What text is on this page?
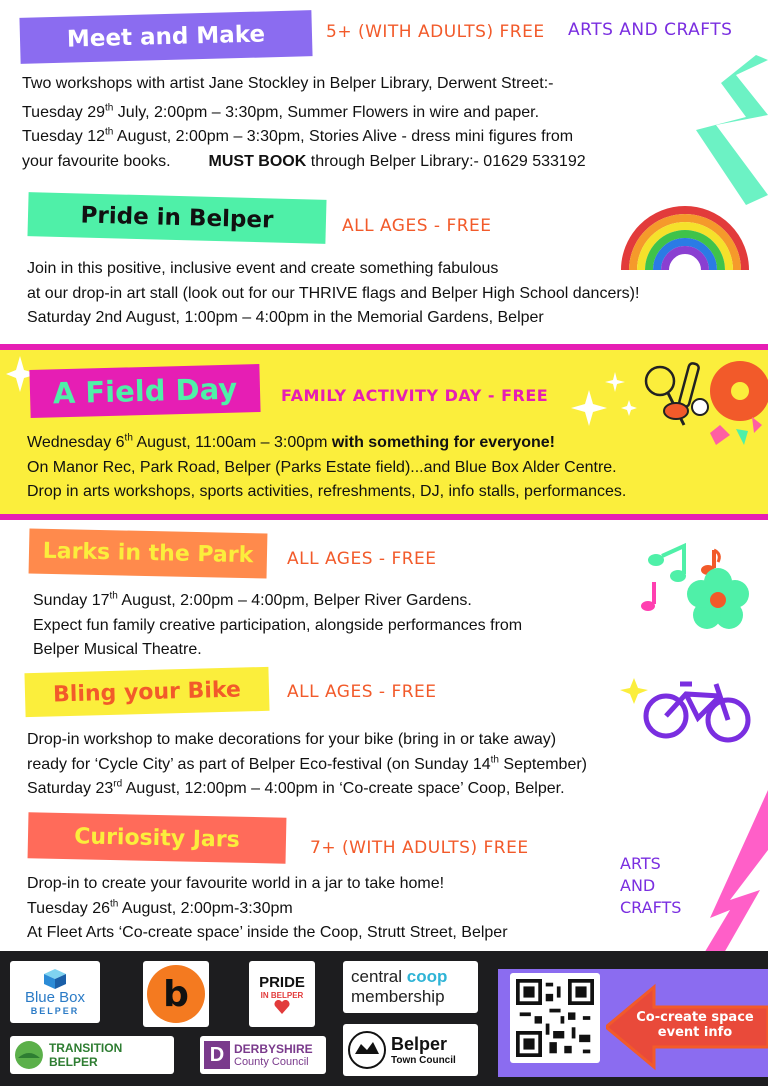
Meet and Make	5+ (WITH ADULTS) FREE ARTS AND CRAFTS

Two workshops with artist Jane Stockley in Belper Library, Derwent Street:-

Tuesday 29th July, 2:00pm – 3:30pm, Summer Flowers in wire and paper.

Tuesday 12th August, 2:00pm – 3:30pm, Stories Alive - dress mini figures from

your favourite books. MUST BOOK through Belper Library:- 01629 533192

Pride in Belper	ALL AGES - FREE

Join in this positive, inclusive event and create something fabulous

at our drop-in art stall (look out for our THRIVE flags and Belper High School dancers)!

Saturday 2nd August, 1:00pm – 4:00pm in the Memorial Gardens, Belper

A Field Day	FAMILY ACTIVITY DAY - FREE

Wednesday 6th August, 11:00am – 3:00pm with something for everyone!

On Manor Rec, Park Road, Belper (Parks Estate field)...and Blue Box Alder Centre.

Drop in arts workshops, sports activities, refreshments, DJ, info stalls, performances.

Larks in the Park ALL AGES - FREE

Sunday 17th August, 2:00pm – 4:00pm, Belper River Gardens.

Expect fun family creative participation, alongside performances from

Belper Musical Theatre.

Bling your Bike	ALL AGES - FREE

Drop-in workshop to make decorations for your bike (bring in or take away)

ready for ‘Cycle City’ as part of Belper Eco-festival (on Sunday 14th September)

Saturday 23rd August, 12:00pm – 4:00pm in ‘Co-create space’ Coop, Belper.

Curiosity Jars	7+ (WITH ADULTS) FREE
ARTS
AND
CRAFTS

Drop-in to create your favourite world in a jar to take home!

Tuesday 26th August, 2:00pm-3:30pm

At Fleet Arts ‘Co-create space’ inside the Coop, Strutt Street, Belper

Blue Box
BELPER b	PRIDE
IN BELPER
central coop
membership
TRANSITION BELPER	D DERBYSHIRE
County Council
Belper
Town Council
Co-create space
event info
